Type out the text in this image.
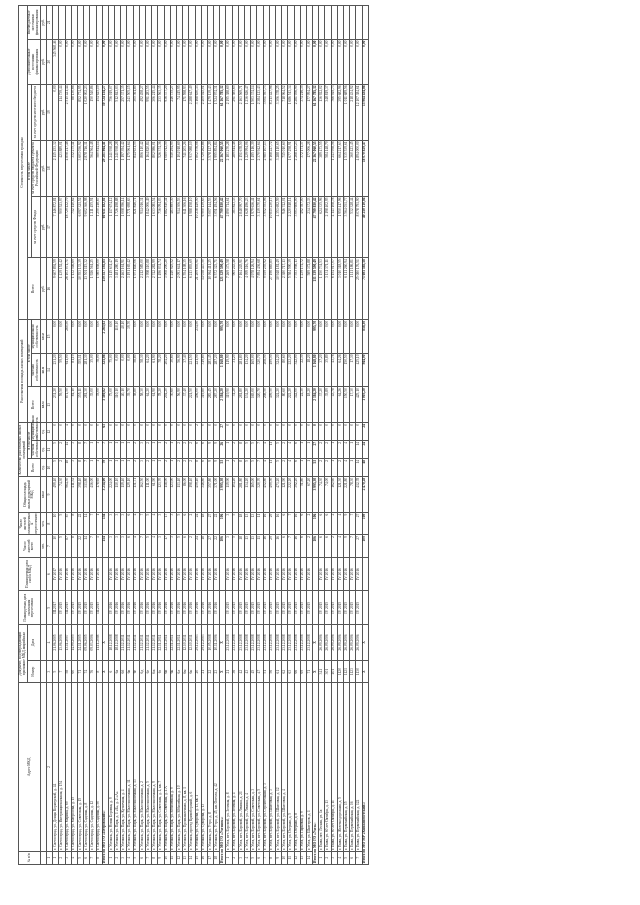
№ п/п	Адрес МКД	Документ, подтверждающий признание МКД аварийным		Планируемая дата окончания переселения	Планируемая дата сноса МКД	Число жителей всего	Число жителей планируемых к переселению	Общая площадь жилых помещений МКД	Количество расселяемых жилых помещений			Расселяемая площадь жилых помещений			Стоимость переселения граждан					
		Номер	Дата						Всего	в том числе		Всего	в том числе		Всего	в том числе			Дополнительные источники финансирования	Внебюджетные источники финансирования
										частная собственность	муниципальная собственность		частная собственность	муниципальная собственность		за счет средств Фонда	за счет средств бюджета субъекта Российской Федерации	за счет средств местного бюджета		
						чел.	чел.	кв.м	ед.	ед.	ед.	кв.м	кв.м	кв.м	руб.	руб.	руб.	руб.	руб.	руб.
1	2	3	4	5	6	7	8	9	10	11	12	13	14	15	16	17	18	19	20	21
1	г. Светлоград, ул. Донцы Кормерской, д. 44	5	21.06.2005	III.2017	IV 2017	10	10	499,40	5	5	0	231,20	231,20	0,00	9 607 894,59	7 146 872,81	2 115 453,32	0,00	345 568,46	
2	г. Светлоград, ул. Интернациональная, д. 154	7	13.06.2006	IV 2015	IV 2016	5	5	74,30	2	2	0	59,50	59,50	0,00	1 439 152,42	900 523,97	423 889,01	114 739,44	0,00	
3	г. Светлоград, ул. Марина, д. 60	58	13.11.2007	III.2015	IV 2016	87	87	964,30	18	14	4	871,50	611,00	260,50	26 103 071,71	18 729 432,79	4 858 217,48	2 515 421,44	0,00	
4	г. Светлоград, ул. Матросова, д. 15	60	14.09.2005	IV 2015	IV 2016	8	8	411,52	3	3	0	81,10	81,10	0,00	1 132 546,69	712 140,62	332 275,41	88 130,66	0,00	
5	г. Светлоград, ул. Советская, д. 15	71	24.11.2005	IV 2015	IV 2016	22	22	398,40	8	8	0	355,11	355,11	0,00	10 553 133,39	6 097 321,52	3 603 036,92	852 774,95	0,00	
6	г. Светлоград, ул. Садовая, д. 8	74	09.06.2005	IV 2015	IV 2016	14	14	313,80	7	7	0	281,30	281,30	0,00	13 501 115,32	9 602 366,98	2 878 746,11	1 020 002,23	0,00	
7	г. Светлоград, ул. Садовая, д. 12	76	09.03.2006	IV 2015	IV 2016	7	7	416,00	1	1	0	35,00	35,00	0,00	1 926 561,25	1 211 455,91	564 564,48	150 540,86	0,00	
8	г. Светлоград, ул. Садовая, д. 50	8	11.11.2008	III.2015	IV 2016	1	1	178,65	1	1	0	78,00	78,00	0,00	1 985 658,00	1 250 218,67	580 814,14	154 625,19	0,00	
Итого по МО ГО «Петровский»:		X	X			154	154	3 254,00	79	7	63	3 580,82	325,86	2 265,02	119 557 192,85	60 651 182,81	29 281 864,41	30 724 154,27	0,00	
1	г. Ухтинск, ул. Новая Боровка, д. 9	6	18.12.2008	IV 2016	IV 2016	3	3	224,00	1	1	0	75,00	75,00	0,00	3 115 631,47	1 117 674,12	1 241 938,28	756 019,07	0,00	
2	г. Ухтинск, ул. Парк, д. 1 «Б», д. 2 «А»	6а	18.12.2008	IV 2016	IV 2016	3	3	110,10	1	1	0	110,10	0,00	110,10	3 481 280,19	1 726 498,88	1 241 938,28	512 843,03	0,00	
3	г. Ухтинск, ул. Парк, ул. Кузнечная, д. 4	6б	21.12.2011	IV 2016	IV 2016	3	3	119,40	1	1	0	40,10	0,00	40,10	2 463 161,91	1 008 396,14	1 197 394,42	257 371,35	0,00	
4	г. Ухтинск, ул. Парк, ул. Малочисленная, д. 11	6в	21.12.2011	IV 2016	IV 2016	6	6	129,10	1	1	0	39,70	0,00	39,70	3 191 165,42	1 771 698,63	1 175 961,64	243 505,15	0,00	
5	г. Ухтинск, ул. Парк, ул. Малочисленная, д. 13	6г	21.12.2011	IV 2016	IV 2016	4	4	131,71	2	2	0	58,80	58,80	0,00	1 971 840,06	821 846,71	844 631,55	305 361,80	0,00	
6	г. Ухтинск, ул. Парк, ул. Малочисленная, д. 2	6д	21.12.2011	IV 2016	IV 2016	7	7	162,50	3	3	0	58,30	58,30	0,00	2 212 585,00	914 016,31	806 110,42	492 458,27	0,00	
7	г. Ухтинск, ул. Парк, ул. Малочисленная, д. 5	6е	21.12.2011	IV 2016	IV 2016	5	5	111,00	2	2	0	64,20	64,20	0,00	3 998 110,88	1 842 006,49	1 164 820,84	991 283,55	0,00	
8	г. Ухтинск, ул. Парк, ул. Малочисленная, д. 9	6ж	21.12.2011	IV 2016	IV 2016	4	4	61,90	1	1	0	61,90	61,90	0,00	2 742 282,99	1 633 081,54	802 986,01	306 215,44	0,00	
9	г. Ухтинск, ул. Парк, ул. Советская, д. 4, кв. 7	6з	22.11.2011	IV 2016	IV 2016	3	3	123,70	1	1	0	78,20	78,20	0,00	1 496 031,74	736 094,03	526 374,36	233 563,35	0,00	
10	г. Ухтинск, ул. Парк, ул. Советская, д. 4 А	6и	22.11.2011	IV 2016	IV 2016	17	17	118,90	2	2	0	204,20	204,20	0,00	3 908 200,20	1 882 810,41	1 089 012,59	936 377,20	0,00	
11	г. Ухтинск, ул. Парк, ул. Юбилейная, д. 9	6к	22.11.2011	IV 2016	IV 2016	3	3	123,90	1	1	0	30,60	30,60	0,00	1 240 925,52	483 895,30	510 294,95	246 735,27	0,00	
12	г. Ухтинск, ул. Парк, ул. Юбилейная, д. 10	6л	22.11.2011	IV 2016	IV 2016	5	5	113,40	2	2	0	56,90	56,90	0,00	2 093 641,17	914 306,53	1 104 918,69	74 415,95	0,00	
13	г. Ухтинск, ул. Промышленная, д. 8, кв. 1	6м	12.10.2011	IV 2016	IV 2016	6	6	86,00	2	2	0	37,40	37,40	0,00	1 554 108,35	641 306,16	741 203,26	171 598,93	0,00	
14	г. Ухтинск, проезд Кривоборский, д. 6	6н	12.10.2011	IV 2016	IV 2016	2	2	198,40	2	2	0	221,50	221,50	0,00	6 213 893,69	1 988 158,10	1 937 088,10	2 288 647,49	0,00	
15	г. Ухтинск, ул. Суворова, д. 13, кв. 1	20	29.12.2003	IV 2016	IV 2016	24	24	459,40	8	6	2	456,00	221,50	234,50	21 209 655,91	10 238 449,50	7 802 576,08	3 168 630,33	0,00	
16	г. Ухтинск, ул. Суворова, д. 13	21	29.12.2003	IV 2016	IV 2016	18	18	346,80	6	6	0	319,80	319,80	0,00	14 038 447,50	6 900 139,63	4 729 262,86	2 409 045,01	0,00	
17	г. Ухтинск, ул. Утро, д. 8	22	10.05.2008	IV 2016	IV 2016	27	27	357,80	9	9	0	283,45	283,45	0,00	10 064 411,25	5 007 144,53	3 578 127,29	1 479 139,43	0,00	
18	г. Ухтинск, ул. Утро, д. 45, кв. Олеола, д. 42	23	10.11.2006	IV 2016	IV 2016	22	22	371,00	9	9	0	287,20	287,20	0,00	6 572 323,71	3 051 494,56	1 995 854,84	1 524 974,31	0,00	
Итого по МО ГО «Ухтинск»:		X	X			106	106	3 995,30	53	26	27	2 184,20	1 168,80	995,70	121 329 590,49	47 799 830,42	22 367 060,55	61 167 785,32	0,00	
1	г. Ухта, пгт. Боровой, ул. Зеленая, д. 8	21	23.12.2008	IV 2015	IV 2016	3	3	119,90	1	1	0	119,90	119,90	0,00	7 269 373,58	2 890 714,61	2 183 270,28	2 195 388,69	0,00	
2	г. Ухта, пгт. Боровой, ул. Зеленая, д. 4	36	23.12.2008	IV 2015	IV 2016	5	5	104,20	2	2	0	31,20	31,20	0,00	965 243,46	383 843,33	289 814,48	291 585,65	0,00	
3	г. Ухта, пгт. Боровой, ул. Ленина, д. 21	42	23.12.2008	IV 2015	IV 2016	18	18	281,80	8	8	0	281,80	281,80	0,00	7 164 245,91	2 848 997,70	2 151 678,50	2 163 569,71	0,00	
4	г. Ухта, пгт. Боровой, ул. Ленина, д. 4	43	23.12.2008	IV 2015	IV 2016	13	13	134,20	5	5	0	134,20	134,20	0,00	4 095 116,76	1 628 496,23	1 229 994,06	1 236 626,47	0,00	
5	г. Ухта, пгт. Боровой, ул. Советская, д. 3	45	23.12.2008	IV 2015	IV 2016	13	13	165,00	5	5	0	165,00	165,00	0,00	4 978 126,94	1 979 636,41	1 495 116,39	1 503 374,14	0,00	
6	г. Ухта, пгт. Боровой, ул. Советская, д. 5	47	23.12.2008	IV 2015	IV 2016	11	11	320,70	7	7	0	320,70	320,70	0,00	7 894 436,68	3 139 370,61	2 370 942,64	2 384 123,43	0,00	
7	г. Ухта, пгт. Боровой, ул. Строительная, д. 3	51	23.12.2008	IV 2015	IV 2016	16	16	452,80	4	4	0	208,50	208,50	0,00	9 939 255,92	3 952 551,06	2 985 107,13	3 001 597,73	0,00	
8	г. Ухта, пгт. Боровой, ул. Шахтовая, д. 3	56	23.12.2008	IV 2015	IV 2016	29	29	499,50	11	11	0	499,50	499,50	0,00	27 196 885,85	10 815 230,17	8 168 227,72	8 213 427,96	0,00	
9	г. Ухта, пгт. Боровой, ул. Шахтовая, д. 12	61	23.12.2008	IV 2015	IV 2016	16	16	473,20	5	5	0	324,20	324,20	0,00	10 948 181,49	4 353 692,59	3 288 110,65	3 306 378,25	0,00	
10	г. Ухта, пгт. Боровой, ул. Шахтовая, д. 4	62	23.12.2008	IV 2015	IV 2016	6	6	121,90	2	2	0	80,60	80,60	0,00	2 380 717,13	946 742,01	715 010,60	718 964,52	0,00	
11	г. Ухта, ул. Озерная, д. 5	63	23.12.2008	IV 2015	IV 2016	7	7	222,20	4	4	0	222,20	222,20	0,00	5 584 590,39	2 220 818,14	1 677 258,91	1 686 513,34	0,00	
12	г. Ухта, ул. Озерная, д. 8	66	23.12.2008	IV 2015	IV 2016	16	16	392,20	6	6	0	342,00	342,00	0,00	7 553 098,13	3 003 606,00	2 268 435,23	2 281 056,90	0,00	
13	г. Ухта, ул. Парковая, д. 9	69	23.12.2008	IV 2015	IV 2016	6	6	51,80	1	1	0	22,30	22,30	0,00	1 239 174,72	492 787,00	372 171,37	374 216,35	0,00	
14	г. Ухта, ул. Шахтеров, д. 1	71	23.12.2008	IV 2015	IV 2016	2	2	67,20	1	1	0	18,20	18,20	0,00	589 372,88	234 372,33	177 006,28	177 994,27	0,00	
Итого по МО ГО «Ухта»:		X	X			106	106	3 995,30	53	27	0	2 184,20	1 168,80	995,70	131 339 590,49	47 799 830,42	22 367 060,55	61 167 785,32	0,00	
1	г. Емва, пгт. Лесная, ул. 1а	341	26.09.2006	IV 2015	IV 2016	6	6	74,30	2	2	0	37,20	37,20	0,00	1 150 731,53	624 335,96	389 473,55	136 922,02	0,00	
2	г. Емва, ул. 60 лет Октября, д. 13	301	26.09.2006	IV 2015	IV 2016	6	6	74,00	2	2	0	35,89	35,89	0,00	3 131 371,11	2 198 402,95	584 148,79	348 819,37	0,00	
3	г. Емва, ул. 60 лет Октября, д. 11	401	26.09.2006	IV 2015	IV 2016	2	2	162,60	1	1	0	43,78	43,78	0,00	6 154 017,07	4 143 108,78	1 243 958,56	766 949,73	0,00	
4	г. Емва, ул. Железнодорожная, д. 5	1120	26.09.2006	IV 2015	IV 2016	4	4	121,30	2	2	0	64,26	64,26	0,00	3 010 318,55	1 950 417,96	664 217,63	395 682,96	0,00	
5	г. Емва, ул. Первомайская, д. 15	1121	26.09.2006	IV 2015	IV 2016	9	9	221,80	4	4	0	150,50	150,50	0,00	6 111 260,94	3 564 031,77	1 535 539,61	1 011 689,56	0,00	
6	г. Емва, ул. Первомайская, д. 16	1123	26.09.2006	IV 2015	IV 2016	7	7	78,30	1	1	0	17,30	17,30	0,00	1 111 186,81	532 328,44	360 423,45	218 434,92	0,00	
7	г. Емва, ул. Первомайская, д. 122	1130	26.09.2006	IV 2015	IV 2016	27	27	412,78	14	14	0	425,10	425,10	0,00	25 080 176,51	8 078 791,90	4 894 000,00	12 107 384,61	0,00	
Итого по МО МР «Княжпогостский»:		X	X			109	109	2 470,28	48	24	24	1 003,20	944,90	858,30	73 695 585,58	40 250 110,04	18 070 829,47	15 964 434,86	0,00	
